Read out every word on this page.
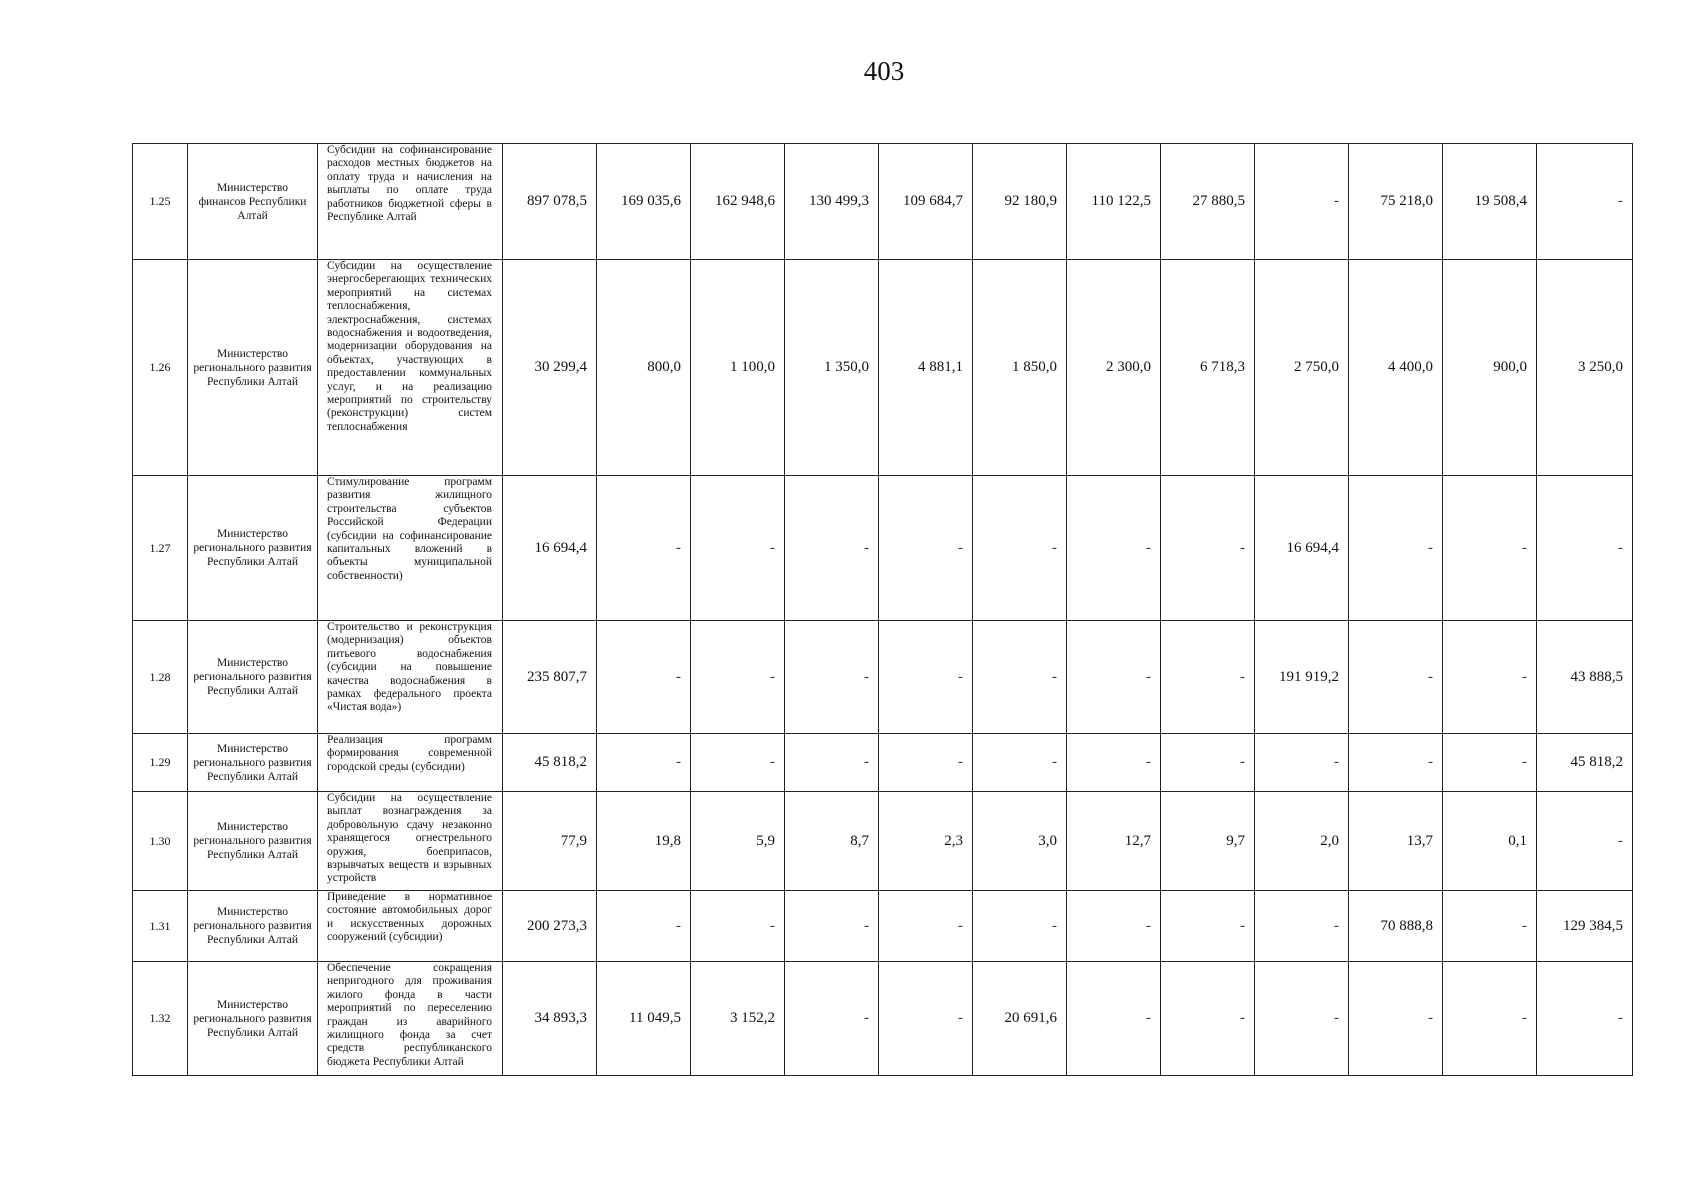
403
1.25	Министерство финансов Республики Алтай	Субсидии на софинансирование расходов местных бюджетов на оплату труда и начисления на выплаты по оплате труда работников бюджетной сферы в Республике Алтай	897 078,5	169 035,6	162 948,6	130 499,3	109 684,7	92 180,9	110 122,5	27 880,5	-	75 218,0	19 508,4	-
1.26	Министерство регионального развития Республики Алтай	Субсидии на осуществление энергосберегающих технических мероприятий на системах теплоснабжения, электроснабжения, системах водоснабжения и водоотведения, модернизации оборудования на объектах, участвующих в предоставлении коммунальных услуг, и на реализацию мероприятий по строительству (реконструкции) систем теплоснабжения	30 299,4	800,0	1 100,0	1 350,0	4 881,1	1 850,0	2 300,0	6 718,3	2 750,0	4 400,0	900,0	3 250,0
1.27	Министерство регионального развития Республики Алтай	Стимулирование программ развития жилищного строительства субъектов Российской Федерации (субсидии на софинансирование капитальных вложений в объекты муниципальной собственности)	16 694,4	-	-	-	-	-	-	-	16 694,4	-	-	-
1.28	Министерство регионального развития Республики Алтай	Строительство и реконструкция (модернизация) объектов питьевого водоснабжения (субсидии на повышение качества водоснабжения в рамках федерального проекта «Чистая вода»)	235 807,7	-	-	-	-	-	-	-	191 919,2	-	-	43 888,5
1.29	Министерство регионального развития Республики Алтай	Реализация программ формирования современной городской среды (субсидии)	45 818,2	-	-	-	-	-	-	-	-	-	-	45 818,2
1.30	Министерство регионального развития Республики Алтай	Субсидии на осуществление выплат вознаграждения за добровольную сдачу незаконно хранящегося огнестрельного оружия, боеприпасов, взрывчатых веществ и взрывных устройств	77,9	19,8	5,9	8,7	2,3	3,0	12,7	9,7	2,0	13,7	0,1	-
1.31	Министерство регионального развития Республики Алтай	Приведение в нормативное состояние автомобильных дорог и искусственных дорожных сооружений (субсидии)	200 273,3	-	-	-	-	-	-	-	-	70 888,8	-	129 384,5
1.32	Министерство регионального развития Республики Алтай	Обеспечение сокращения непригодного для проживания жилого фонда в части мероприятий по переселению граждан из аварийного жилищного фонда за счет средств республиканского бюджета Республики Алтай	34 893,3	11 049,5	3 152,2	-	-	20 691,6	-	-	-	-	-	-
